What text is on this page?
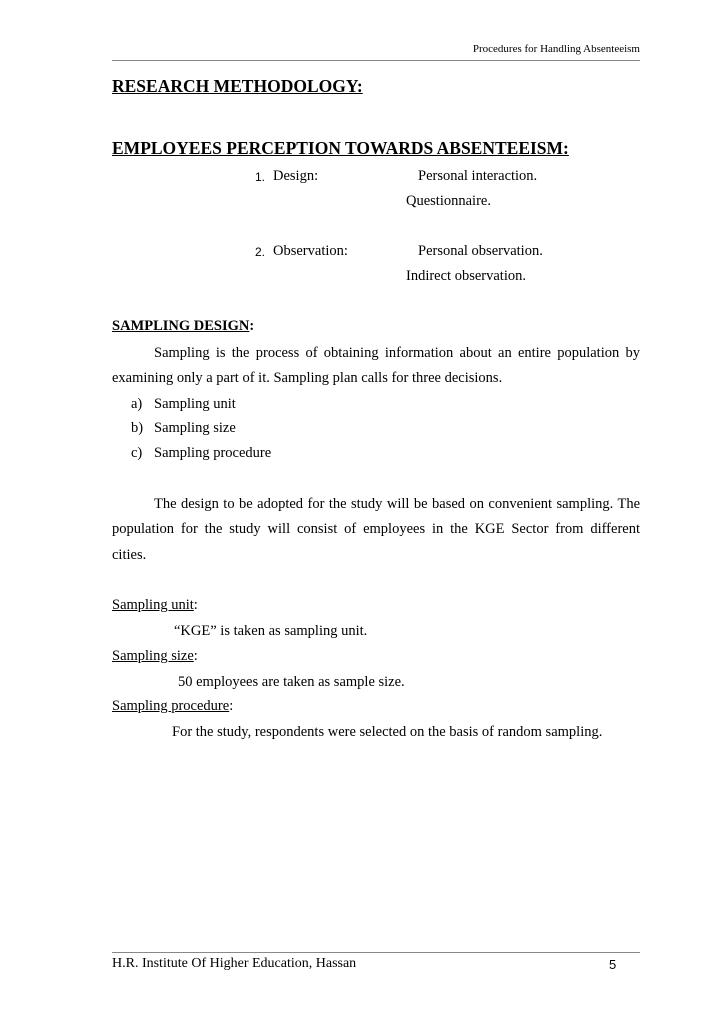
Procedures for Handling Absenteeism
RESEARCH METHODOLOGY:
EMPLOYEES PERCEPTION TOWARDS ABSENTEEISM:
1. Design:	Personal interaction.
Questionnaire.
2. Observation:	Personal observation.
Indirect observation.
SAMPLING DESIGN:
Sampling is the process of obtaining information about an entire population by
examining only a part of it. Sampling plan calls for three decisions.
a) Sampling unit
b) Sampling size
c) Sampling procedure
The design to be adopted for the study will be based on convenient sampling. The
population for the study will consist of employees in the KGE Sector from different
cities.
Sampling unit:
“KGE” is taken as sampling unit.
Sampling size:
50 employees are taken as sample size.
Sampling procedure:
For the study, respondents were selected on the basis of random sampling.
H.R. Institute Of Higher Education, Hassan	5
